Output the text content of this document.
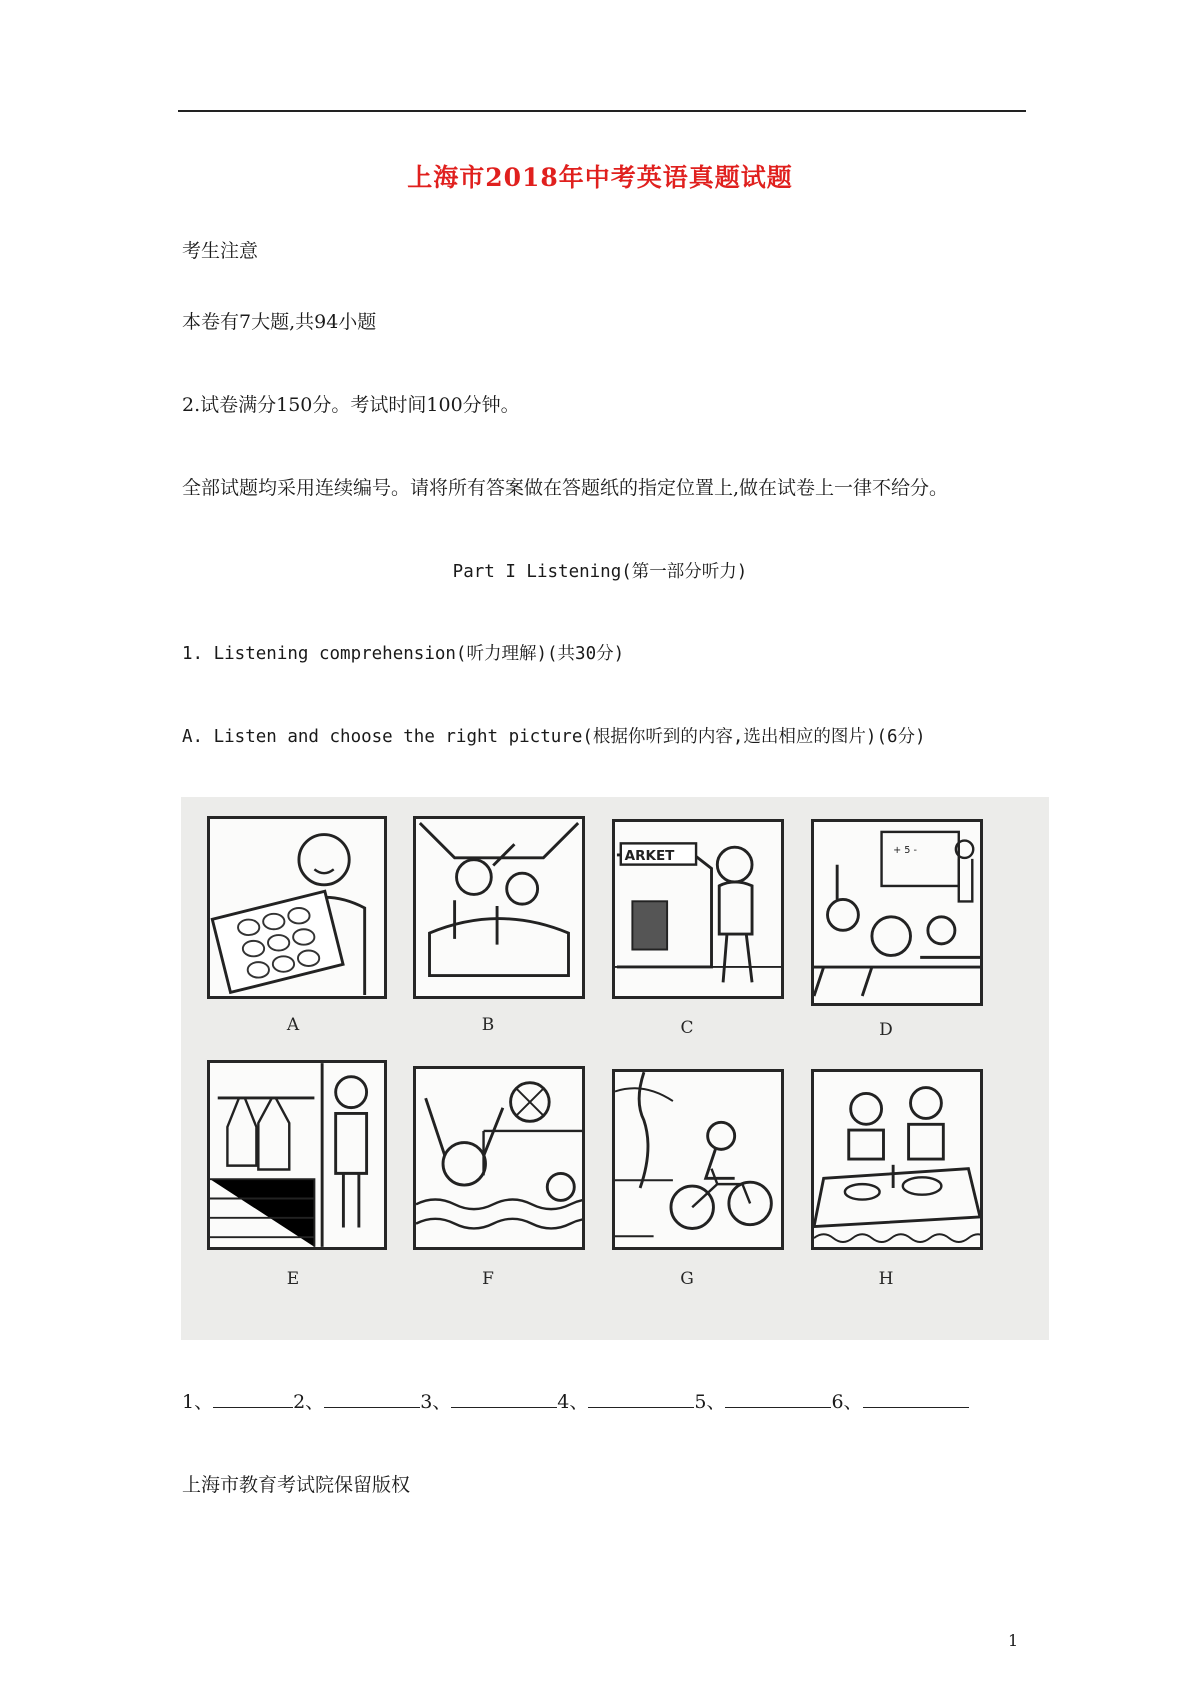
上海市2018年中考英语真题试题
考生注意
本卷有7大题,共94小题
2.试卷满分150分。考试时间100分钟。
全部试题均采用连续编号。请将所有答案做在答题纸的指定位置上,做在试卷上一律不给分。
Part I Listening(第一部分听力)
1. Listening comprehension(听力理解)(共30分)
A. Listen and choose the right picture(根据你听到的内容,选出相应的图片)(6分)
A	B
ARKET
C
+ 5 -
D
E	F	G	H
1、	2、	3、	4、	5、	6、
上海市教育考试院保留版权
1
